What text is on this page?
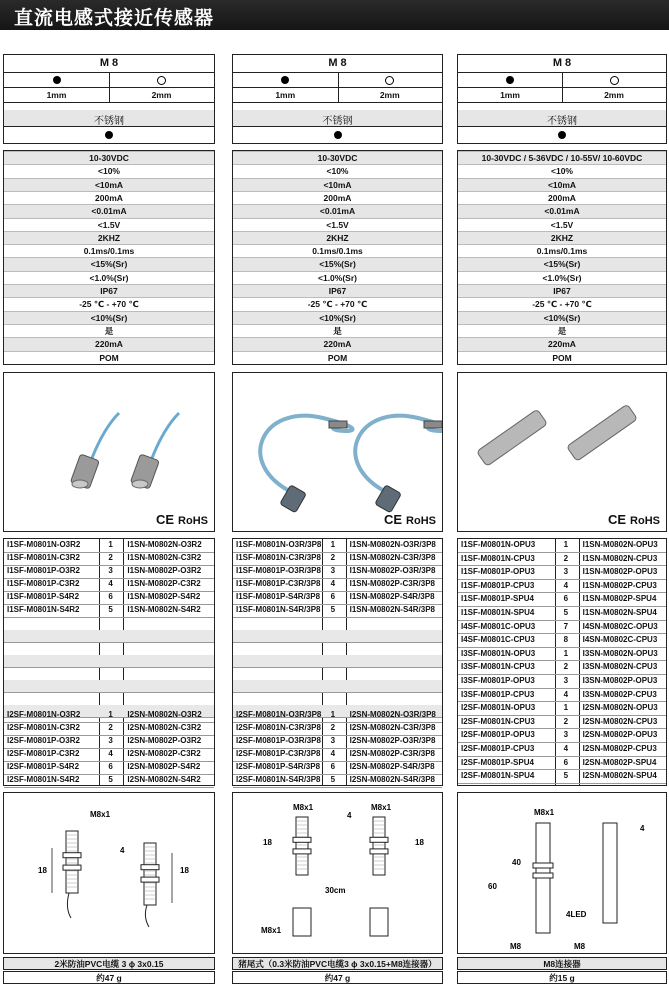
直流电感式接近传感器
M 8
1mm	2mm
不锈钢
10-30VDC
<10%
<10mA
200mA
<0.01mA
<1.5V
2KHZ
0.1ms/0.1ms
<15%(Sr)
<1.0%(Sr)
IP67
-25 ℃ - +70 ℃
<10%(Sr)
是
220mA
POM
CE RoHS
I1SF-M0801N-O3R2	1 I1SN-M0802N-O3R2
I1SF-M0801N-C3R2	2 I1SN-M0802N-C3R2
I1SF-M0801P-O3R2	3 I1SN-M0802P-O3R2
I1SF-M0801P-C3R2	4 I1SN-M0802P-C3R2
I1SF-M0801P-S4R2	6 I1SN-M0802P-S4R2
I1SF-M0801N-S4R2	5 I1SN-M0802N-S4R2
I2SF-M0801N-O3R2	1 I2SN-M0802N-O3R2
I2SF-M0801N-C3R2	2 I2SN-M0802N-C3R2
I2SF-M0801P-O3R2	3 I2SN-M0802P-O3R2
I2SF-M0801P-C3R2	4 I2SN-M0802P-C3R2
I2SF-M0801P-S4R2	6 I2SN-M0802P-S4R2
I2SF-M0801N-S4R2	5 I2SN-M0802N-S4R2
M8x1
4
18	18
2米防油PVC电缆 3 ϕ 3x0.15
约47 g
M 8
1mm	2mm
不锈钢
10-30VDC
<10%
<10mA
200mA
<0.01mA
<1.5V
2KHZ
0.1ms/0.1ms
<15%(Sr)
<1.0%(Sr)
IP67
-25 ℃ - +70 ℃
<10%(Sr)
是
220mA
POM
CE RoHS
I1SF-M0801N-O3R/3P8 1 I1SN-M0802N-O3R/3P8
I1SF-M0801N-C3R/3P8 2 I1SN-M0802N-C3R/3P8
I1SF-M0801P-O3R/3P8 3 I1SN-M0802P-O3R/3P8
I1SF-M0801P-C3R/3P8 4 I1SN-M0802P-C3R/3P8
I1SF-M0801P-S4R/3P8 6 I1SN-M0802P-S4R/3P8
I1SF-M0801N-S4R/3P8 5 I1SN-M0802N-S4R/3P8
I2SF-M0801N-O3R/3P8 1 I2SN-M0802N-O3R/3P8
I2SF-M0801N-C3R/3P8 2 I2SN-M0802N-C3R/3P8
I2SF-M0801P-O3R/3P8 3 I2SN-M0802P-O3R/3P8
I2SF-M0801P-C3R/3P8 4 I2SN-M0802P-C3R/3P8
I2SF-M0801P-S4R/3P8 6 I2SN-M0802P-S4R/3P8
I2SF-M0801N-S4R/3P8 5 I2SN-M0802N-S4R/3P8
M8x1	M8x1
4
18	18
30cm
M8x1
猪尾式（0.3米防油PVC电缆3 ϕ 3x0.15+M8连接器）
约47 g
M 8
1mm	2mm
不锈钢
10-30VDC / 5-36VDC / 10-55V/ 10-60VDC
<10%
<10mA
200mA
<0.01mA
<1.5V
2KHZ
0.1ms/0.1ms
<15%(Sr)
<1.0%(Sr)
IP67
-25 ℃ - +70 ℃
<10%(Sr)
是
220mA
POM
CE RoHS
I1SF-M0801N-OPU3	1 I1SN-M0802N-OPU3
I1SF-M0801N-CPU3	2 I1SN-M0802N-CPU3
I1SF-M0801P-OPU3	3 I1SN-M0802P-OPU3
I1SF-M0801P-CPU3	4 I1SN-M0802P-CPU3
I1SF-M0801P-SPU4	6 I1SN-M0802P-SPU4
I1SF-M0801N-SPU4	5 I1SN-M0802N-SPU4
I4SF-M0801C-OPU3	7 I4SN-M0802C-OPU3
I4SF-M0801C-CPU3	8 I4SN-M0802C-CPU3
I3SF-M0801N-OPU3	1 I3SN-M0802N-OPU3
I3SF-M0801N-CPU3	2 I3SN-M0802N-CPU3
I3SF-M0801P-OPU3	3 I3SN-M0802P-OPU3
I3SF-M0801P-CPU3	4 I3SN-M0802P-CPU3
I2SF-M0801N-OPU3	1 I2SN-M0802N-OPU3
I2SF-M0801N-CPU3	2 I2SN-M0802N-CPU3
I2SF-M0801P-OPU3	3 I2SN-M0802P-OPU3
I2SF-M0801P-CPU3	4 I2SN-M0802P-CPU3
I2SF-M0801P-SPU4	6 I2SN-M0802P-SPU4
I2SF-M0801N-SPU4	5 I2SN-M0802N-SPU4
M8x1
4
40
60
4LED
M8	M8
M8连接器
约15 g
